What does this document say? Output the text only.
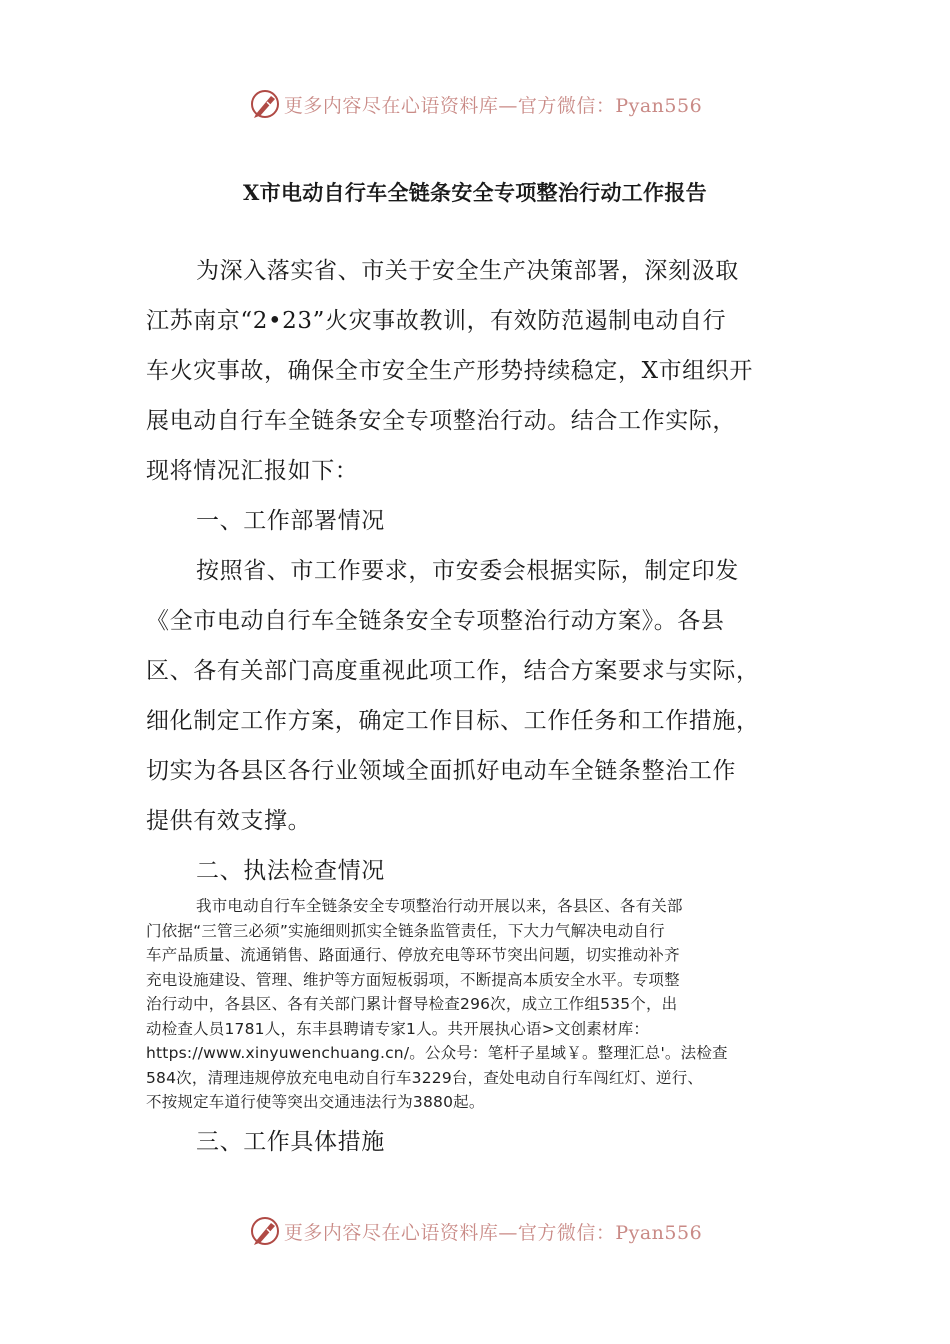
更多内容尽在心语资料库—官方微信：Pyan556
X市电动自行车全链条安全专项整治行动工作报告
为深入落实省、市关于安全生产决策部署，深刻汲取
江苏南京“2•23”火灾事故教训，有效防范遏制电动自行
车火灾事故，确保全市安全生产形势持续稳定，X市组织开
展电动自行车全链条安全专项整治行动。结合工作实际，
现将情况汇报如下：
一、工作部署情况
按照省、市工作要求，市安委会根据实际，制定印发
《全市电动自行车全链条安全专项整治行动方案》。各县
区、各有关部门高度重视此项工作，结合方案要求与实际，
细化制定工作方案，确定工作目标、工作任务和工作措施，
切实为各县区各行业领域全面抓好电动车全链条整治工作
提供有效支撑。
二、执法检查情况
我市电动自行车全链条安全专项整治行动开展以来，各县区、各有关部
门依据“三管三必须”实施细则抓实全链条监管责任，下大力气解决电动自行
车产品质量、流通销售、路面通行、停放充电等环节突出问题，切实推动补齐
充电设施建设、管理、维护等方面短板弱项，不断提高本质安全水平。专项整
治行动中，各县区、各有关部门累计督导检查296次，成立工作组535个，出
动检查人员1781人，东丰县聘请专家1人。共开展执心语>文创素材库：
https://www.xinyuwenchuang.cn/。公众号：笔杆子星域￥。整理汇总'。法检查
584次，清理违规停放充电电动自行车3229台，查处电动自行车闯红灯、逆行、
不按规定车道行使等突出交通违法行为3880起。
三、工作具体措施
更多内容尽在心语资料库—官方微信：Pyan556
